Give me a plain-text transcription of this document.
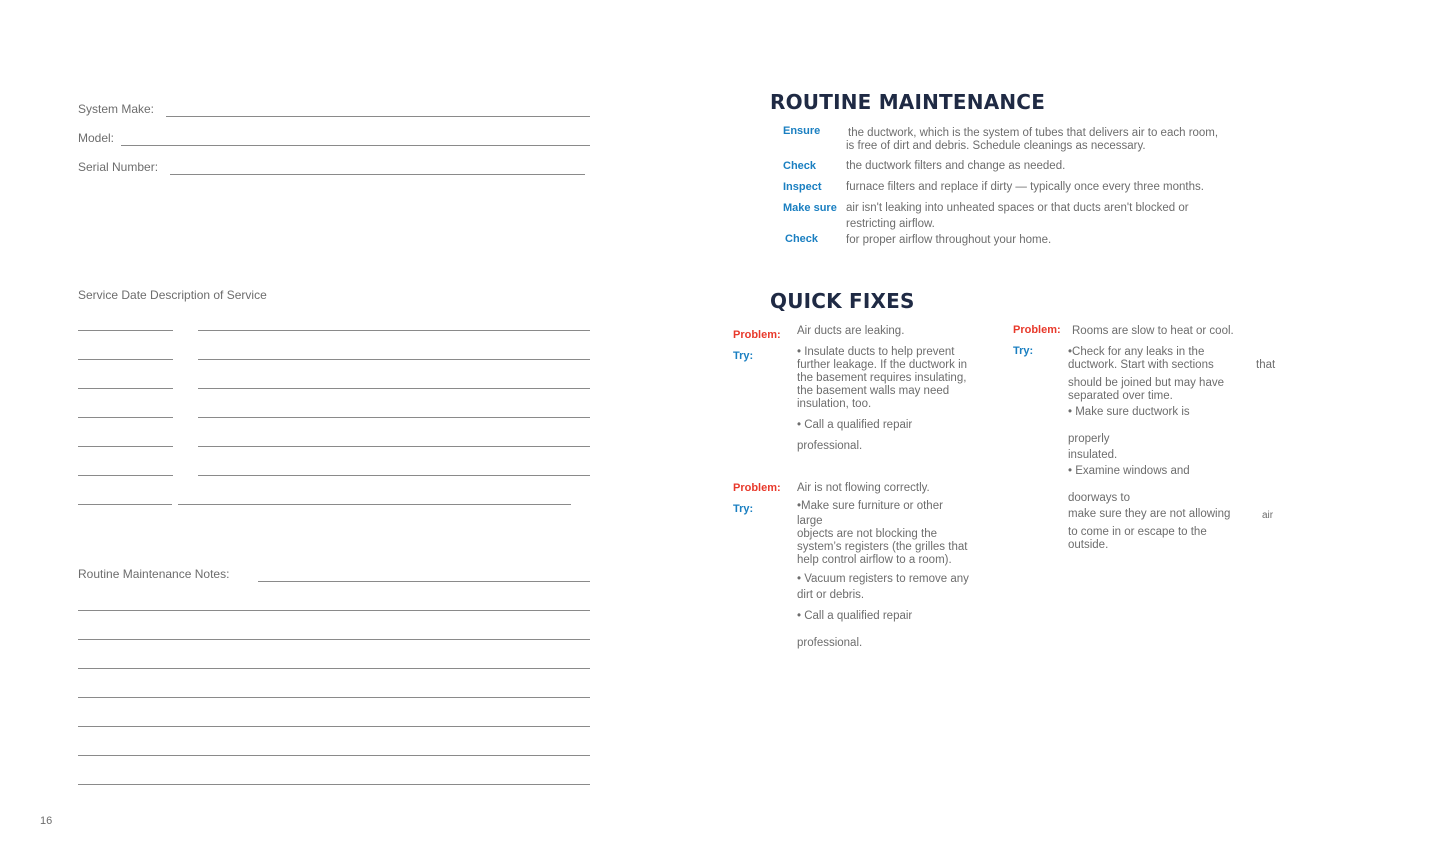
System Make:
Model:
Serial Number:
Service Date Description of Service
Routine Maintenance Notes:
16
ROUTINE MAINTENANCE
Ensure the ductwork, which is the system of tubes that delivers air to each room,
is free of dirt and debris. Schedule cleanings as necessary.
Check	the ductwork filters and change as needed.
Inspect furnace filters and replace if dirty — typically once every three months.
Make sure air isn't leaking into unheated spaces or that ducts aren't blocked or
restricting airflow.
Check for proper airflow throughout your home.
QUICK FIXES
Problem: Air ducts are leaking.
Try:	• Insulate ducts to help prevent
further leakage. If the ductwork in
the basement requires insulating,
the basement walls may need
insulation, too.
• Call a qualified repair
professional.
Problem: Air is not flowing correctly.
Try:	•Make sure furniture or other
large
objects are not blocking the
system’s registers (the grilles that
help control airflow to a room).
• Vacuum registers to remove any
dirt or debris.
• Call a qualified repair
professional.
Problem: Rooms are slow to heat or cool.
Try:	•Check for any leaks in the
ductwork. Start with sections
should be joined but may have
separated over time.
• Make sure ductwork is
properly
insulated.
• Examine windows and
doorways to
make sure they are not allowing
to come in or escape to the
outside.
that
air
